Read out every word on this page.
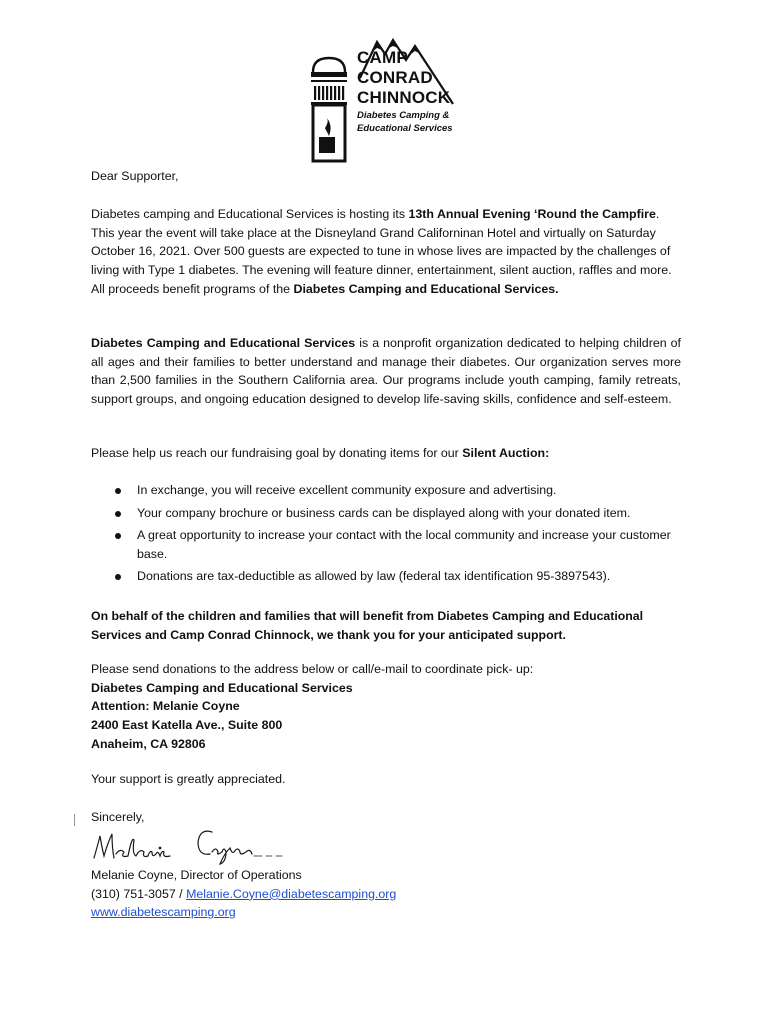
CAMP
CONRAD
CHINNOCK
Diabetes Camping &
Educational Services
Dear Supporter,
Diabetes camping and Educational Services is hosting its 13th Annual Evening ‘Round the Campfire. This year the event will take place at the Disneyland Grand Californinan Hotel and virtually on Saturday October 16, 2021. Over 500 guests are expected to tune in whose lives are impacted by the challenges of living with Type 1 diabetes. The evening will feature dinner, entertainment, silent auction, raffles and more. All proceeds benefit programs of the Diabetes Camping and Educational Services.
Diabetes Camping and Educational Services is a nonprofit organization dedicated to helping children of all ages and their families to better understand and manage their diabetes. Our organization serves more than 2,500 families in the Southern California area. Our programs include youth camping, family retreats, support groups, and ongoing education designed to develop life-saving skills, confidence and self-esteem.
Please help us reach our fundraising goal by donating items for our Silent Auction:
In exchange, you will receive excellent community exposure and advertising.
Your company brochure or business cards can be displayed along with your donated item.
A great opportunity to increase your contact with the local community and increase your customer base.
Donations are tax-deductible as allowed by law (federal tax identification 95-3897543).
On behalf of the children and families that will benefit from Diabetes Camping and Educational Services and Camp Conrad Chinnock, we thank you for your anticipated support.
Please send donations to the address below or call/e-mail to coordinate pick- up:
Diabetes Camping and Educational Services
Attention: Melanie Coyne
2400 East Katella Ave., Suite 800
Anaheim, CA 92806
Your support is greatly appreciated.
Sincerely,
Melanie Coyne, Director of Operations
(310) 751-3057 / Melanie.Coyne@diabetescamping.org
www.diabetescamping.org
